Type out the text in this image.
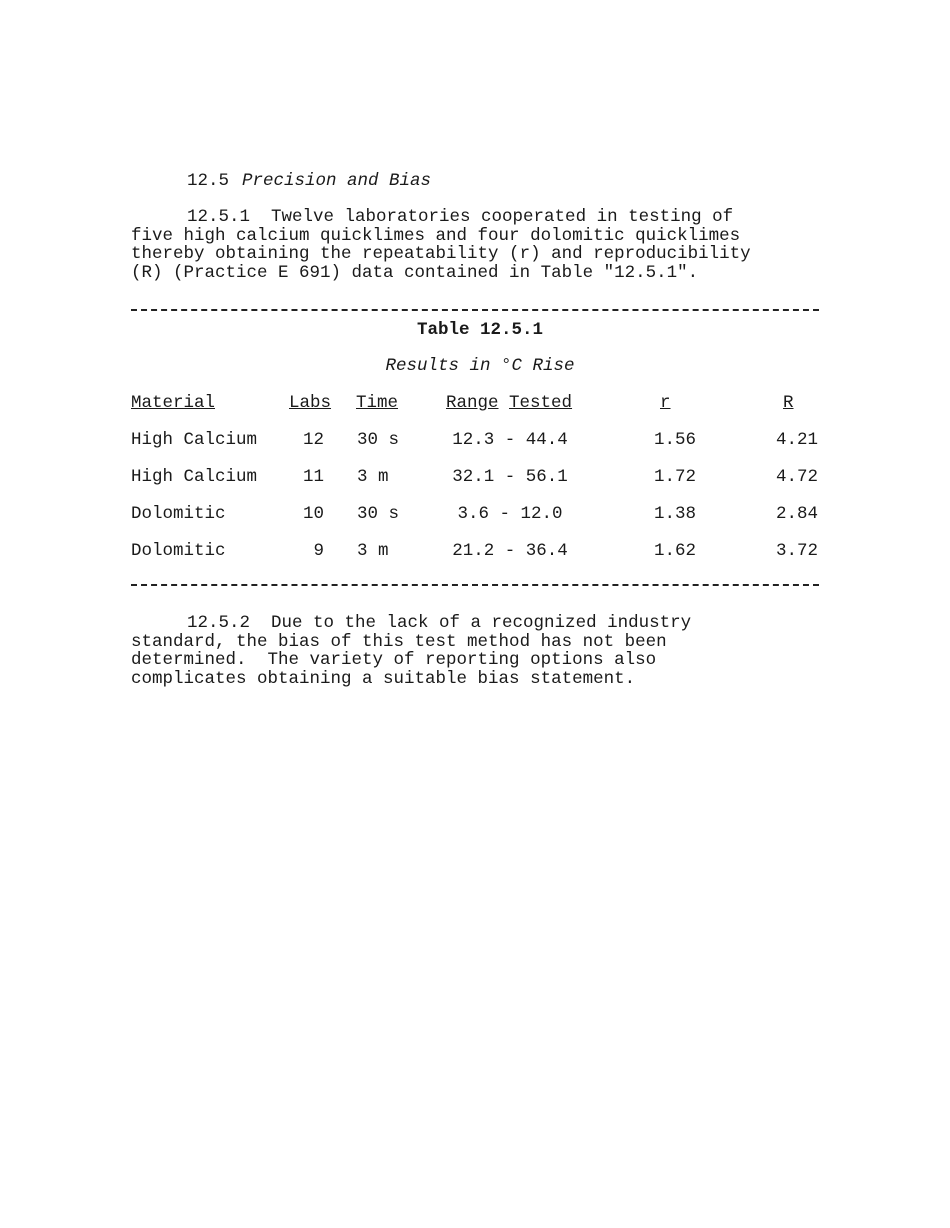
12.5 Precision and Bias
12.5.1  Twelve laboratories cooperated in testing of
five high calcium quicklimes and four dolomitic quicklimes
thereby obtaining the repeatability (r) and reproducibility
(R) (Practice E 691) data contained in Table "12.5.1".
Table 12.5.1
Results in °C Rise
Material	Labs Time	Range Tested	r	R
High Calcium	12 30 s	12.3 - 44.4	1.56	4.21
High Calcium	11 3 m	32.1 - 56.1	1.72	4.72
Dolomitic	10 30 s	3.6 - 12.0	1.38	2.84
Dolomitic	9 3 m	21.2 - 36.4	1.62	3.72
12.5.2  Due to the lack of a recognized industry
standard, the bias of this test method has not been
determined.  The variety of reporting options also
complicates obtaining a suitable bias statement.
